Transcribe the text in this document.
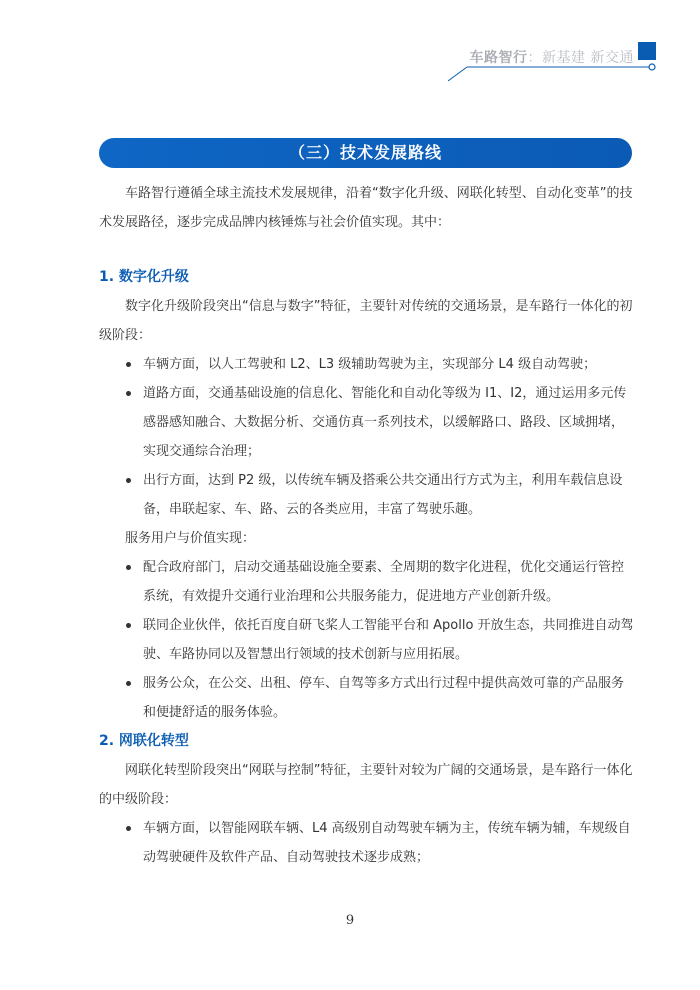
车路智行：新基建 新交通
（三）技术发展路线

车路智行遵循全球主流技术发展规律，沿着“数字化升级、网联化转型、自动化变革”的技术发展路径，逐步完成品牌内核锤炼与社会价值实现。其中：

1. 数字化升级

数字化升级阶段突出“信息与数字”特征，主要针对传统的交通场景，是车路行一体化的初级阶段：

车辆方面，以人工驾驶和 L2、L3 级辅助驾驶为主，实现部分 L4 级自动驾驶；
道路方面，交通基础设施的信息化、智能化和自动化等级为 I1、I2，通过运用多元传感器感知融合、大数据分析、交通仿真一系列技术，以缓解路口、路段、区域拥堵，实现交通综合治理；
出行方面，达到 P2 级，以传统车辆及搭乘公共交通出行方式为主，利用车载信息设备，串联起家、车、路、云的各类应用，丰富了驾驶乐趣。

服务用户与价值实现：

配合政府部门，启动交通基础设施全要素、全周期的数字化进程，优化交通运行管控系统，有效提升交通行业治理和公共服务能力，促进地方产业创新升级。
联同企业伙伴，依托百度自研飞桨人工智能平台和 Apollo 开放生态，共同推进自动驾驶、车路协同以及智慧出行领域的技术创新与应用拓展。
服务公众，在公交、出租、停车、自驾等多方式出行过程中提供高效可靠的产品服务和便捷舒适的服务体验。

2. 网联化转型

网联化转型阶段突出“网联与控制”特征，主要针对较为广阔的交通场景，是车路行一体化的中级阶段：

车辆方面，以智能网联车辆、L4 高级别自动驾驶车辆为主，传统车辆为辅，车规级自动驾驶硬件及软件产品、自动驾驶技术逐步成熟；
9
